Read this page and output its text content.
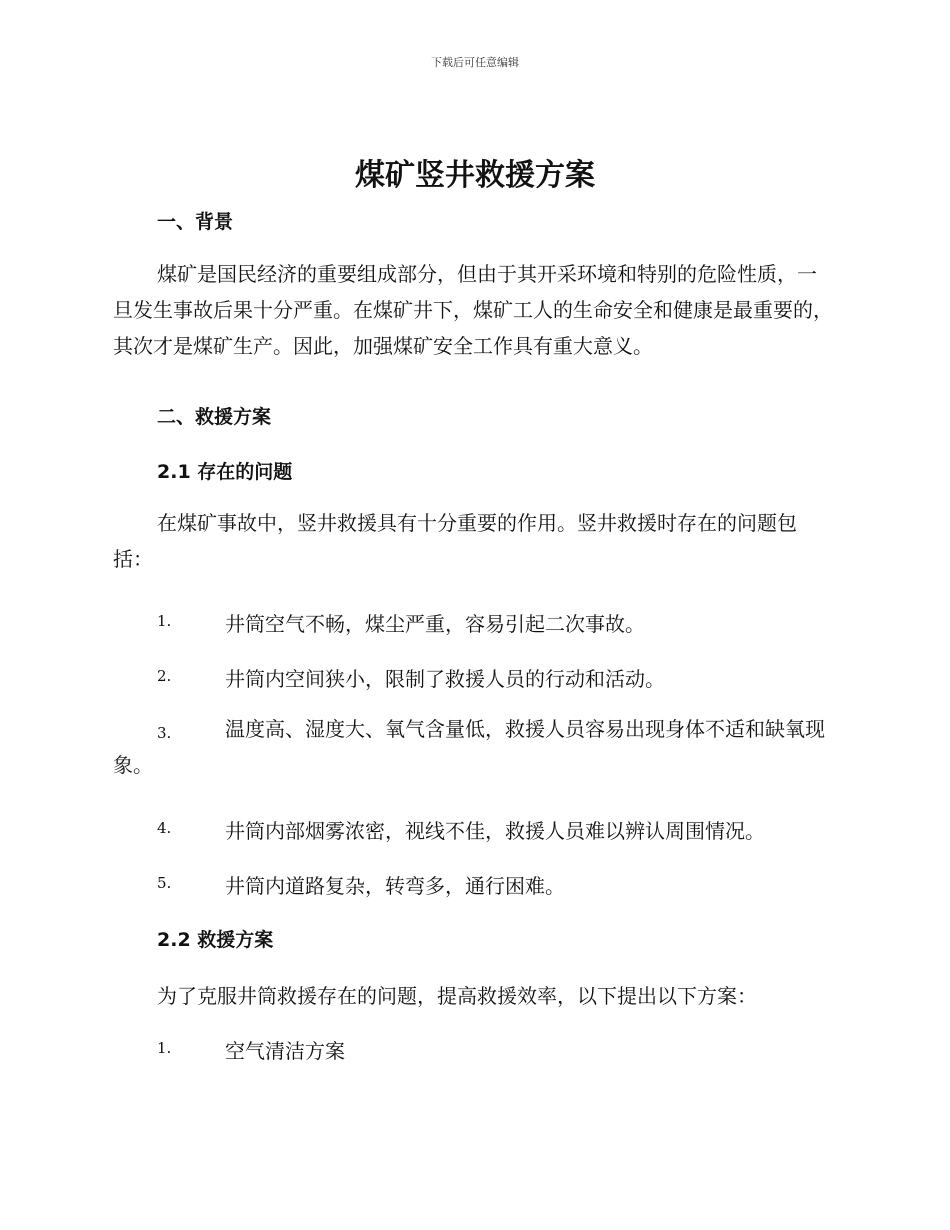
下载后可任意编辑
煤矿竖井救援方案
一、背景
煤矿是国民经济的重要组成部分，但由于其开采环境和特别的危险性质，一旦发生事故后果十分严重。在煤矿井下，煤矿工人的生命安全和健康是最重要的，其次才是煤矿生产。因此，加强煤矿安全工作具有重大意义。
二、救援方案
2.1 存在的问题
在煤矿事故中，竖井救援具有十分重要的作用。竖井救援时存在的问题包括：
1.	井筒空气不畅，煤尘严重，容易引起二次事故。
2.	井筒内空间狭小，限制了救援人员的行动和活动。
3.	温度高、湿度大、氧气含量低，救援人员容易出现身体不适和缺氧现象。
4.	井筒内部烟雾浓密，视线不佳，救援人员难以辨认周围情况。
5.	井筒内道路复杂，转弯多，通行困难。
2.2 救援方案
为了克服井筒救援存在的问题，提高救援效率，以下提出以下方案：
1.	空气清洁方案
